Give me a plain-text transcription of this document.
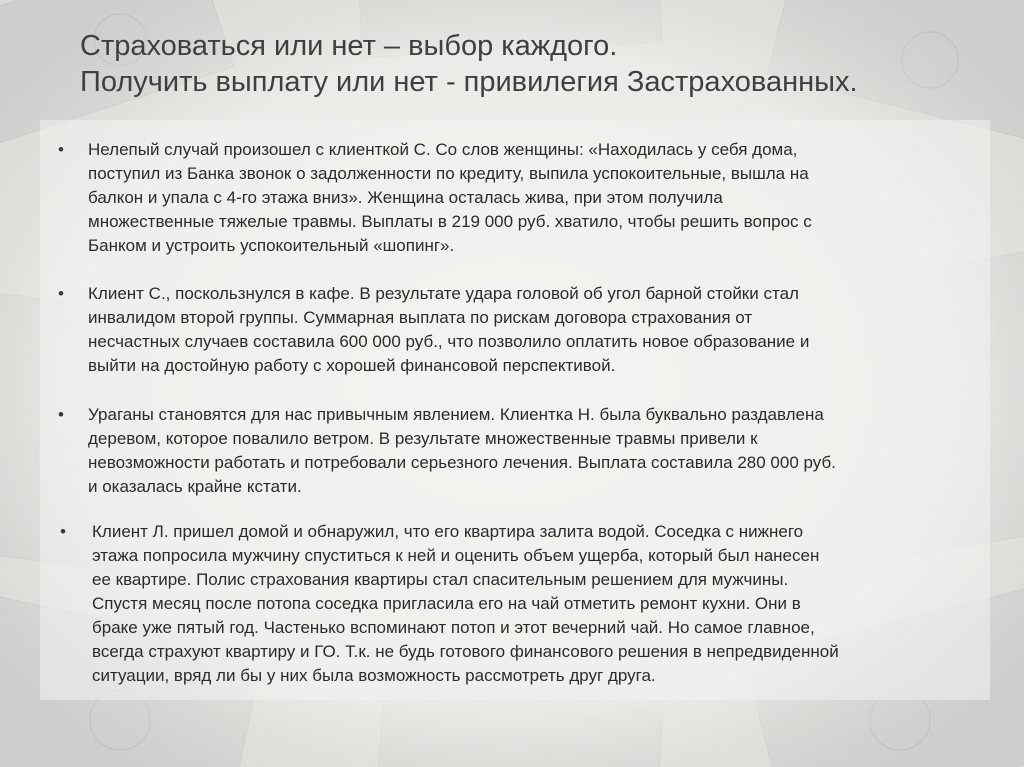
Страховаться или нет – выбор каждого.
Получить выплату или нет - привилегия Застрахованных.
• Нелепый случай произошел с клиенткой С. Со слов женщины: «Находилась у себя дома,
поступил из Банка звонок о задолженности по кредиту, выпила успокоительные, вышла на
балкон и упала с 4-го этажа вниз». Женщина осталась жива, при этом получила
множественные тяжелые травмы. Выплаты в 219 000 руб. хватило, чтобы решить вопрос с
Банком и устроить успокоительный «шопинг».
• Клиент С., поскользнулся в кафе. В результате удара головой об угол барной стойки стал
инвалидом второй группы. Суммарная выплата по рискам договора страхования от
несчастных случаев составила 600 000 руб., что позволило оплатить новое образование и
выйти на достойную работу с хорошей финансовой перспективой.
• Ураганы становятся для нас привычным явлением. Клиентка Н. была буквально раздавлена
деревом, которое повалило ветром. В результате множественные травмы привели к
невозможности работать и потребовали серьезного лечения. Выплата составила 280 000 руб.
и оказалась крайне кстати.
• Клиент Л. пришел домой и обнаружил, что его квартира залита водой. Соседка с нижнего
этажа попросила мужчину спуститься к ней и оценить объем ущерба, который был нанесен
ее квартире. Полис страхования квартиры стал спасительным решением для мужчины.
Спустя месяц после потопа соседка пригласила его на чай отметить ремонт кухни. Они в
браке уже пятый год. Частенько вспоминают потоп и этот вечерний чай. Но самое главное,
всегда страхуют квартиру и ГО. Т.к. не будь готового финансового решения в непредвиденной
ситуации, вряд ли бы у них была возможность рассмотреть друг друга.
